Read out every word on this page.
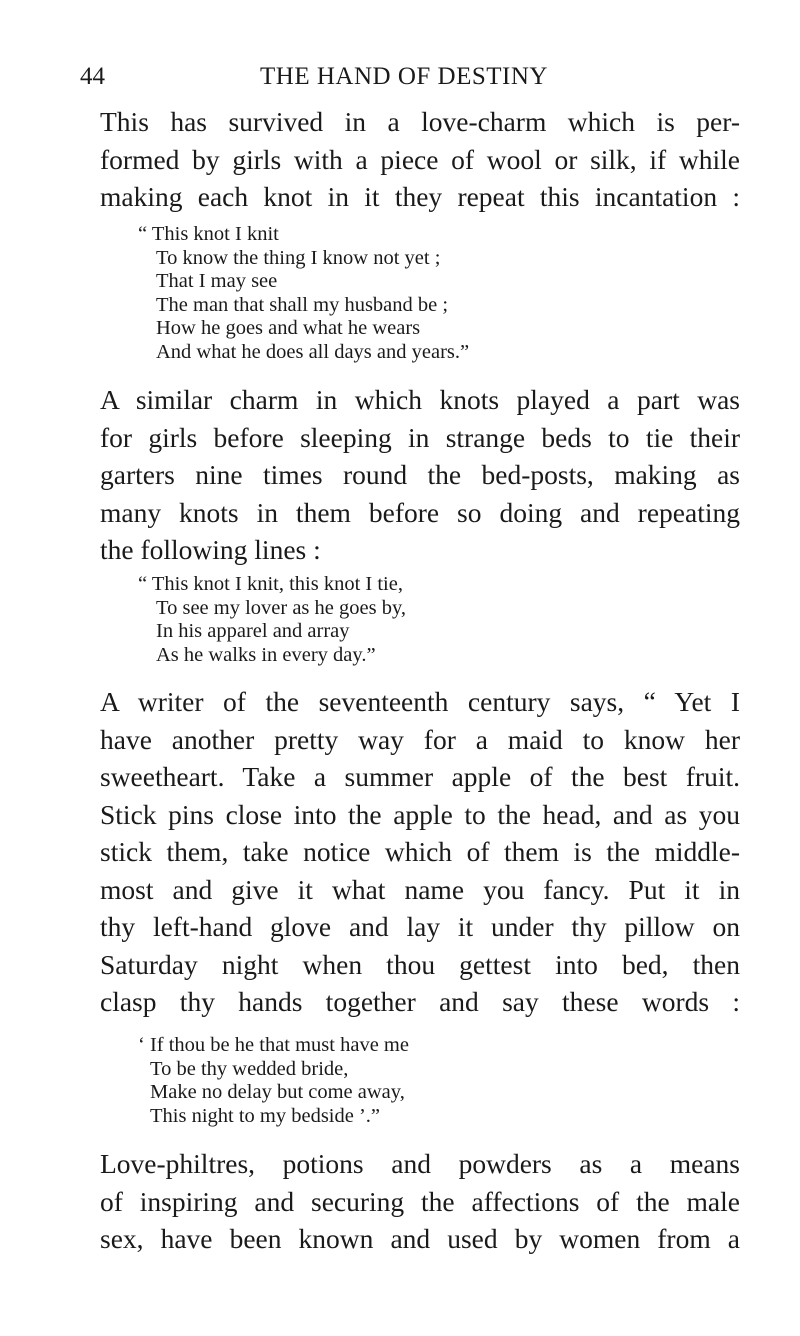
44	THE HAND OF DESTINY
This has survived in a love-charm which is per-
formed by girls with a piece of wool or silk, if while
making each knot in it they repeat this incantation :
“ This knot I knit
To know the thing I know not yet ;
That I may see
The man that shall my husband be ;
How he goes and what he wears
And what he does all days and years.”
A similar charm in which knots played a part was
for girls before sleeping in strange beds to tie their
garters nine times round the bed-posts, making as
many knots in them before so doing and repeating
the following lines :
“ This knot I knit, this knot I tie,
To see my lover as he goes by,
In his apparel and array
As he walks in every day.”
A writer of the seventeenth century says, “ Yet I
have another pretty way for a maid to know her
sweetheart. Take a summer apple of the best fruit.
Stick pins close into the apple to the head, and as you
stick them, take notice which of them is the middle-
most and give it what name you fancy. Put it in
thy left-hand glove and lay it under thy pillow on
Saturday night when thou gettest into bed, then
clasp thy hands together and say these words :
‘ If thou be he that must have me
To be thy wedded bride,
Make no delay but come away,
This night to my bedside ’.”
Love-philtres, potions and powders as a means
of inspiring and securing the affections of the male
sex, have been known and used by women from a
